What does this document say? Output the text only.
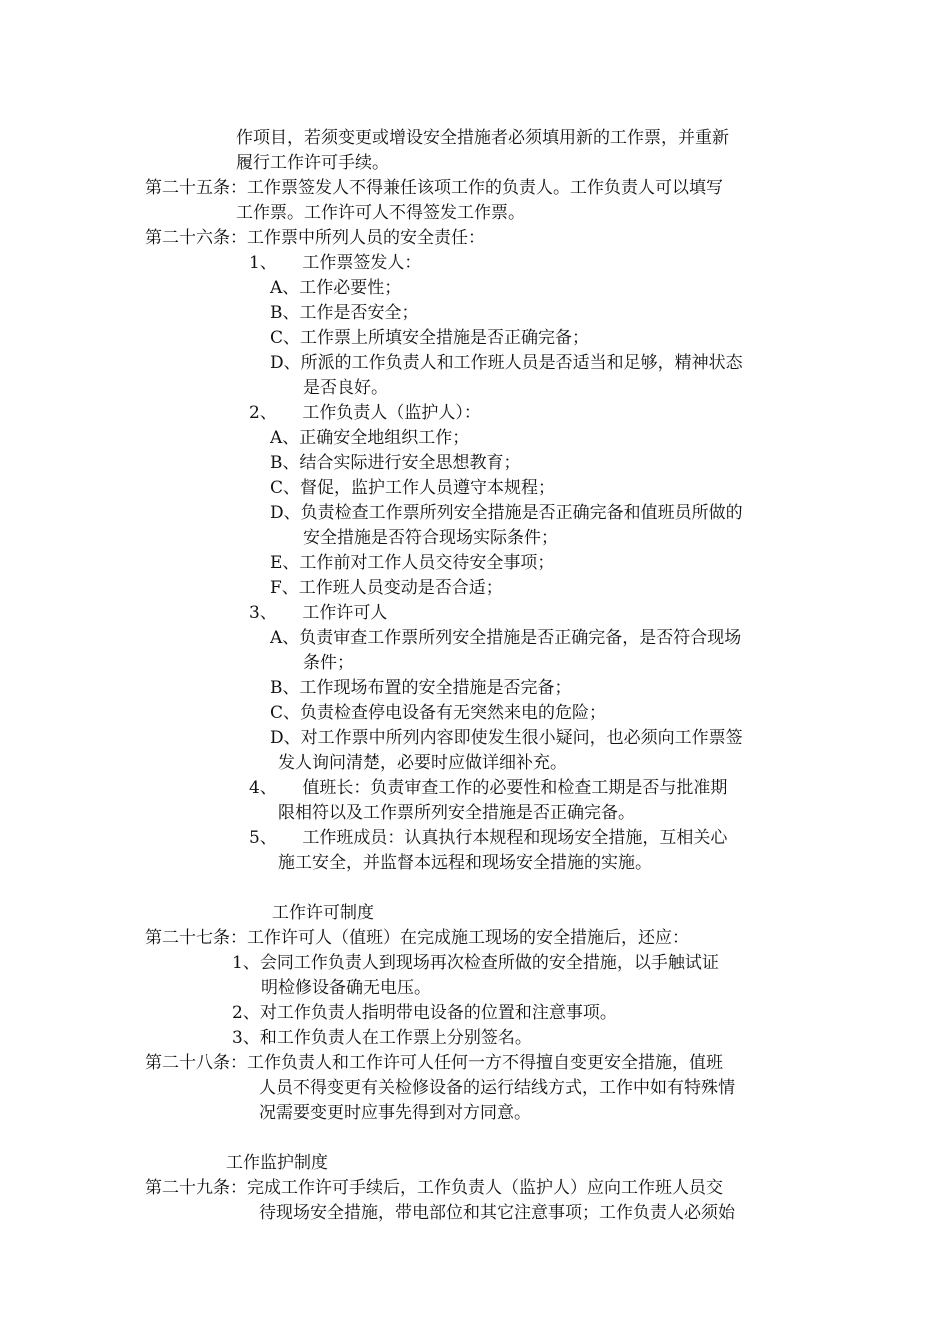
作项目，若须变更或增设安全措施者必须填用新的工作票，并重新
履行工作许可手续。
第二十五条：工作票签发人不得兼任该项工作的负责人。工作负责人可以填写
工作票。工作许可人不得签发工作票。
第二十六条：工作票中所列人员的安全责任：
1、　　工作票签发人：
A、工作必要性；
B、工作是否安全；
C、工作票上所填安全措施是否正确完备；
D、所派的工作负责人和工作班人员是否适当和足够，精神状态
是否良好。
2、　　工作负责人（监护人）：
A、正确安全地组织工作；
B、结合实际进行安全思想教育；
C、督促，监护工作人员遵守本规程；
D、负责检查工作票所列安全措施是否正确完备和值班员所做的
安全措施是否符合现场实际条件；
E、工作前对工作人员交待安全事项；
F、工作班人员变动是否合适；
3、　　工作许可人
A、负责审查工作票所列安全措施是否正确完备，是否符合现场
条件；
B、工作现场布置的安全措施是否完备；
C、负责检查停电设备有无突然来电的危险；
D、对工作票中所列内容即使发生很小疑问，也必须向工作票签
发人询问清楚，必要时应做详细补充。
4、　　值班长：负责审查工作的必要性和检查工期是否与批准期
限相符以及工作票所列安全措施是否正确完备。
5、　　工作班成员：认真执行本规程和现场安全措施，互相关心
施工安全，并监督本远程和现场安全措施的实施。
工作许可制度
第二十七条：工作许可人（值班）在完成施工现场的安全措施后，还应：
1、会同工作负责人到现场再次检查所做的安全措施，以手触试证
明检修设备确无电压。
2、对工作负责人指明带电设备的位置和注意事项。
3、和工作负责人在工作票上分别签名。
第二十八条：工作负责人和工作许可人任何一方不得擅自变更安全措施，值班
人员不得变更有关检修设备的运行结线方式，工作中如有特殊情
况需要变更时应事先得到对方同意。
工作监护制度
第二十九条：完成工作许可手续后，工作负责人（监护人）应向工作班人员交
待现场安全措施，带电部位和其它注意事项；工作负责人必须始
